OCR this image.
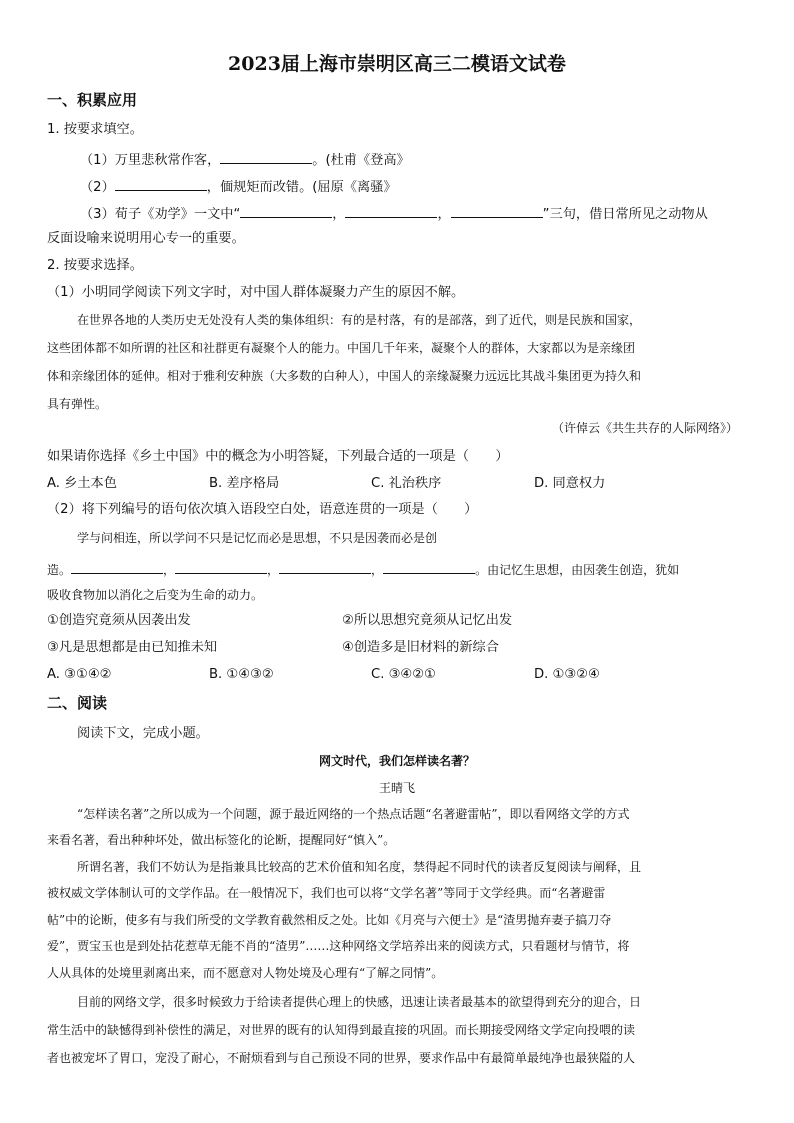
2023届上海市崇明区高三二模语文试卷
一、积累应用
1. 按要求填空。
（1）万里悲秋常作客，	。(杜甫《登高》
（2）	，偭规矩而改错。(屈原《离骚》
（3）荀子《劝学》一文中“	，	，	”三句，借日常所见之动物从
反面设喻来说明用心专一的重要。
2. 按要求选择。
（1）小明同学阅读下列文字时，对中国人群体凝聚力产生的原因不解。
在世界各地的人类历史无处没有人类的集体组织：有的是村落，有的是部落，到了近代，则是民族和国家，
这些团体都不如所谓的社区和社群更有凝聚个人的能力。中国几千年来，凝聚个人的群体，大家都以为是亲缘团
体和亲缘团体的延伸。相对于雅利安种族（大多数的白种人），中国人的亲缘凝聚力远远比其战斗集团更为持久和
具有弹性。
（许倬云《共生共存的人际网络》）
如果请你选择《乡土中国》中的概念为小明答疑，下列最合适的一项是（　　）
A. 乡土本色	B. 差序格局	C. 礼治秩序	D. 同意权力
（2）将下列编号的语句依次填入语段空白处，语意连贯的一项是（　　）
学与问相连，所以学问不只是记忆而必是思想，不只是因袭而必是创
造。	，	，	，	。由记忆生思想，由因袭生创造，犹如
吸收食物加以消化之后变为生命的动力。
①创造究竟须从因袭出发	②所以思想究竟须从记忆出发
③凡是思想都是由已知推未知	④创造多是旧材料的新综合
A. ③①④②	B. ①④③②	C. ③④②①	D. ①③②④
二、阅读
阅读下文，完成小题。
网文时代，我们怎样读名著？
王晴飞
“怎样读名著”之所以成为一个问题，源于最近网络的一个热点话题“名著避雷帖”，即以看网络文学的方式
来看名著，看出种种坏处，做出标签化的论断，提醒同好“慎入”。
所谓名著，我们不妨认为是指兼具比较高的艺术价值和知名度，禁得起不同时代的读者反复阅读与阐释，且
被权威文学体制认可的文学作品。在一般情况下，我们也可以将“文学名著”等同于文学经典。而“名著避雷
帖”中的论断，使多有与我们所受的文学教育截然相反之处。比如《月亮与六便士》是“渣男抛弃妻子搞刀夺
爱”，贾宝玉也是到处拈花惹草无能不肖的“渣男”……这种网络文学培养出来的阅读方式，只看题材与情节，将
人从具体的处境里剥离出来，而不愿意对人物处境及心理有“了解之同情”。
目前的网络文学，很多时候致力于给读者提供心理上的快感，迅速让读者最基本的欲望得到充分的迎合，日
常生活中的缺憾得到补偿性的满足，对世界的既有的认知得到最直接的巩固。而长期接受网络文学定向投喂的读
者也被宠坏了胃口，宠没了耐心，不耐烦看到与自己预设不同的世界，要求作品中有最简单最纯净也最狭隘的人
